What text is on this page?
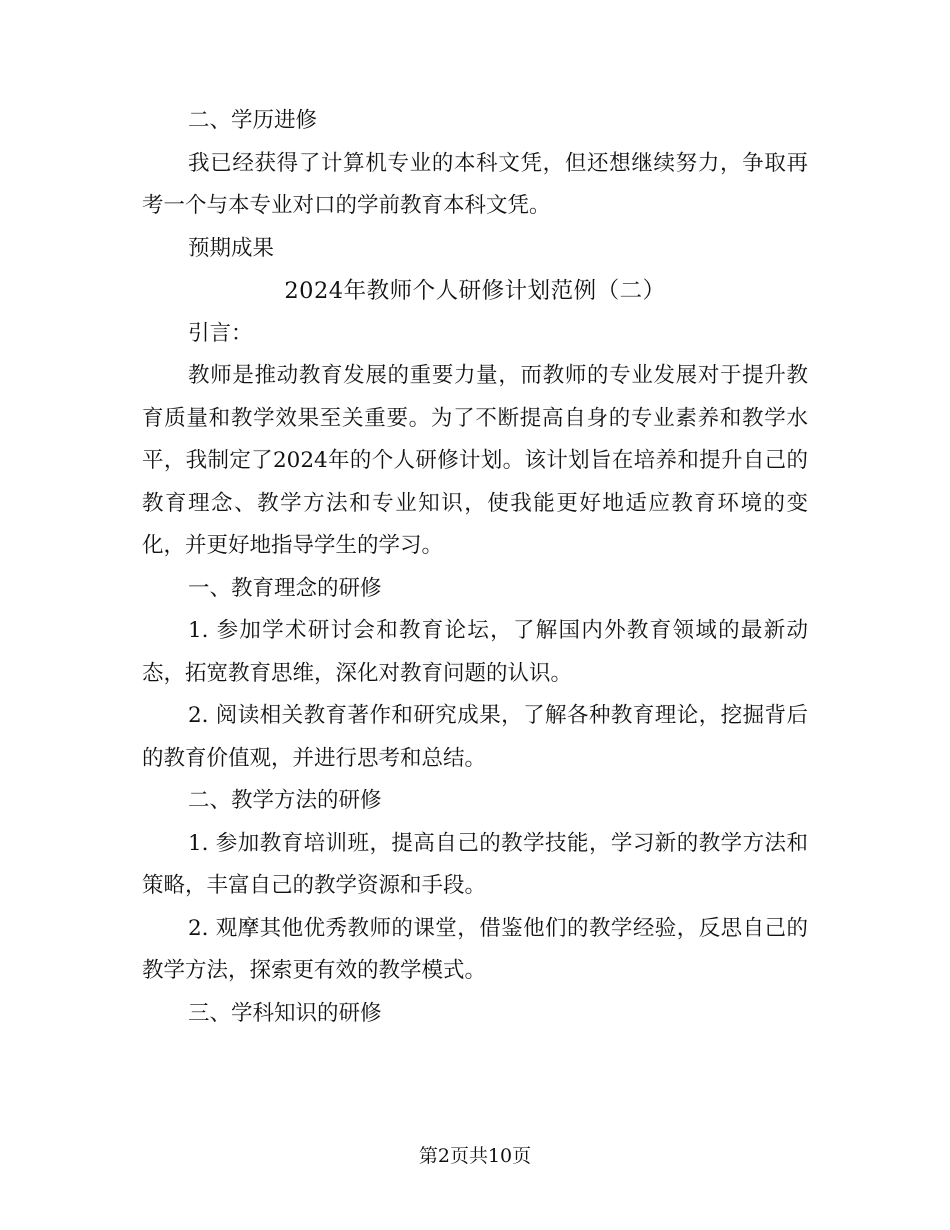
二、学历进修

我已经获得了计算机专业的本科文凭，但还想继续努力，争取再考一个与本专业对口的学前教育本科文凭。

预期成果

2024年教师个人研修计划范例（二）

引言：

教师是推动教育发展的重要力量，而教师的专业发展对于提升教育质量和教学效果至关重要。为了不断提高自身的专业素养和教学水平，我制定了2024年的个人研修计划。该计划旨在培养和提升自己的教育理念、教学方法和专业知识，使我能更好地适应教育环境的变化，并更好地指导学生的学习。

一、教育理念的研修

1. 参加学术研讨会和教育论坛，了解国内外教育领域的最新动态，拓宽教育思维，深化对教育问题的认识。

2. 阅读相关教育著作和研究成果，了解各种教育理论，挖掘背后的教育价值观，并进行思考和总结。

二、教学方法的研修

1. 参加教育培训班，提高自己的教学技能，学习新的教学方法和策略，丰富自己的教学资源和手段。

2. 观摩其他优秀教师的课堂，借鉴他们的教学经验，反思自己的教学方法，探索更有效的教学模式。

三、学科知识的研修

第2页共10页
